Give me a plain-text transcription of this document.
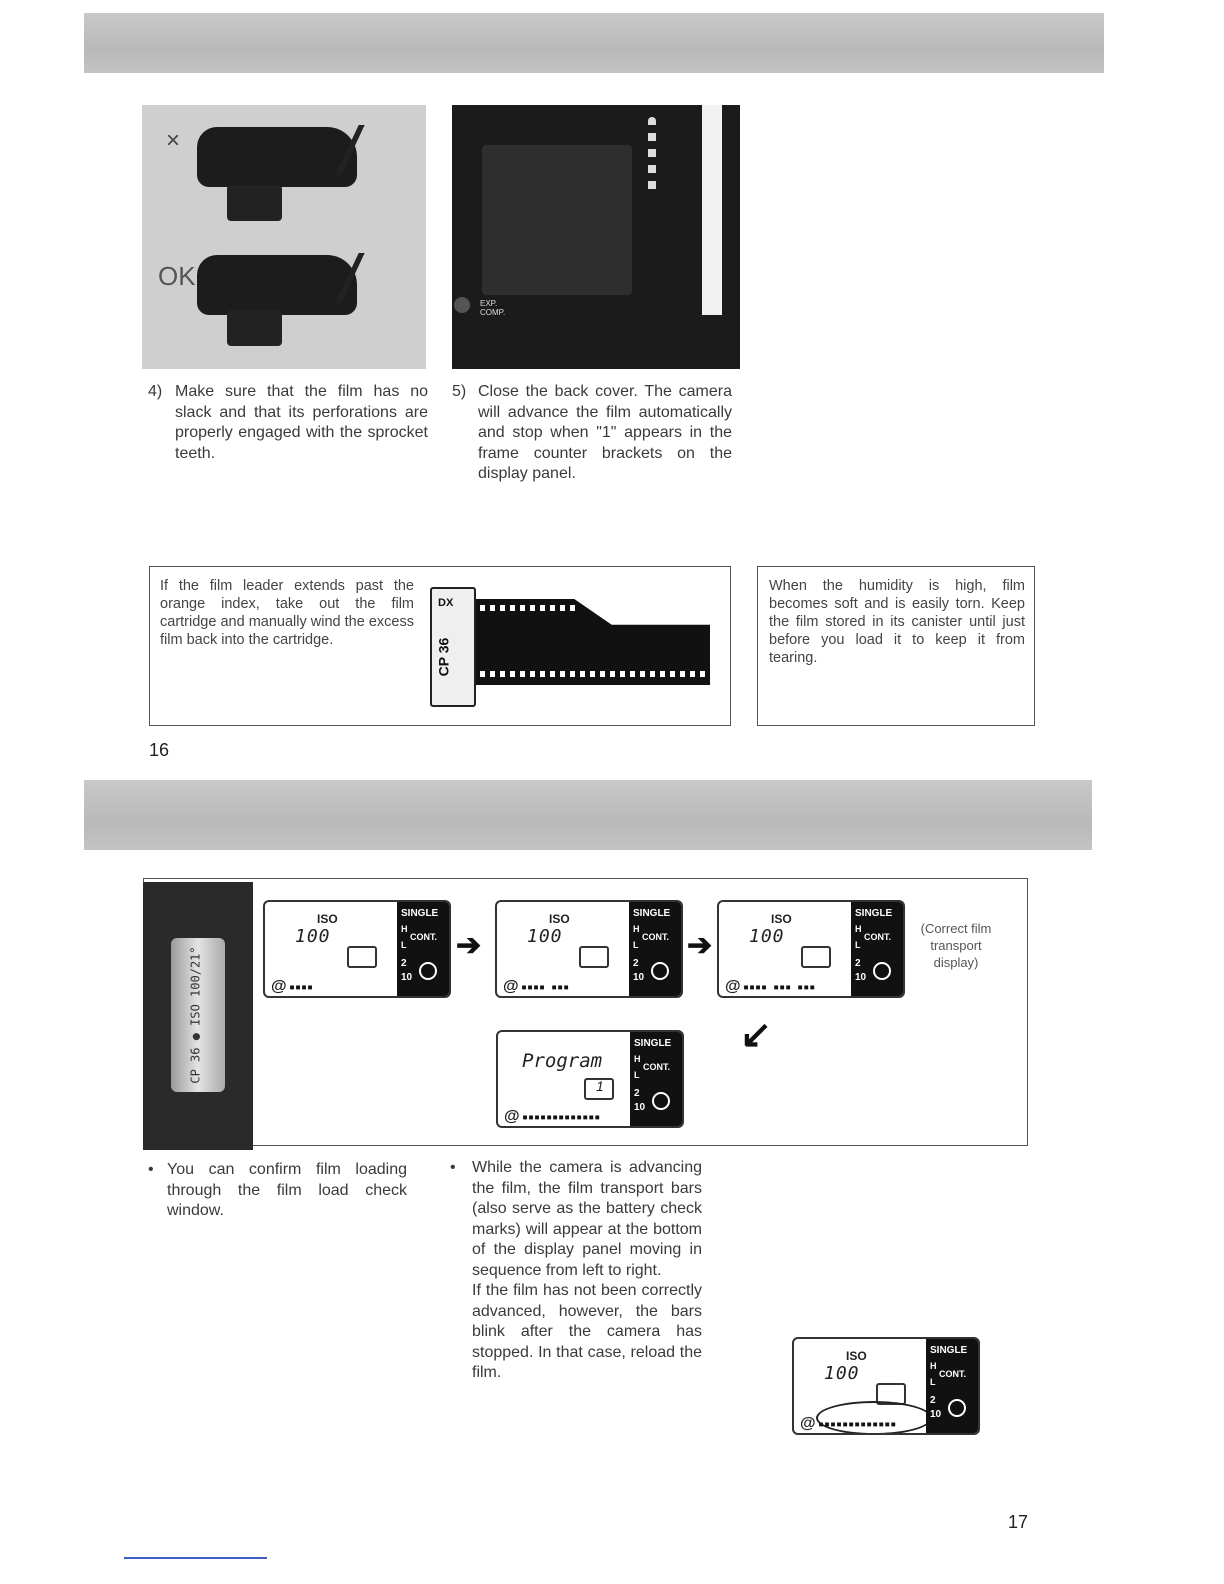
×
OK
EXP.
COMP.
4) Make sure that the film has no slack and that its perforations are properly engaged with the sprocket teeth.
5) Close the back cover. The camera will advance the film automatically and stop when "1" appears in the frame counter brackets on the display panel.

If the film leader extends past the orange index, take out the film cartridge and manually wind the excess film back into the cartridge.

DX
CP 36

When the humidity is high, film becomes soft and is easily torn. Keep the film stored in its canister until just before you load it to keep it from tearing.

16
CP 36 ● ISO 100/21°
ISO
100
@ ▪▪▪▪
SINGLE
H
CONT.
L
2
10
➔
ISO
100
@ ▪▪▪▪ ▪▪▪
SINGLE
H
CONT.
L
2
10
➔
ISO
100
@ ▪▪▪▪ ▪▪▪ ▪▪▪
SINGLE
H
CONT.
L
2
10

(Correct film transport display)

↙
Program
1
@ ▪▪▪▪▪▪▪▪▪▪▪▪▪
SINGLE
H
CONT.
L
2
10
• You can confirm film loading through the film load check window.
• While the camera is advancing the film, the film transport bars (also serve as the battery check marks) will appear at the bottom of the display panel moving in sequence from left to right.
If the film has not been correctly advanced, however, the bars blink after the camera has stopped. In that case, reload the film.
ISO
100
@ ▪▪▪▪▪▪▪▪▪▪▪▪▪
SINGLE
H
CONT.
L
2
10
17
